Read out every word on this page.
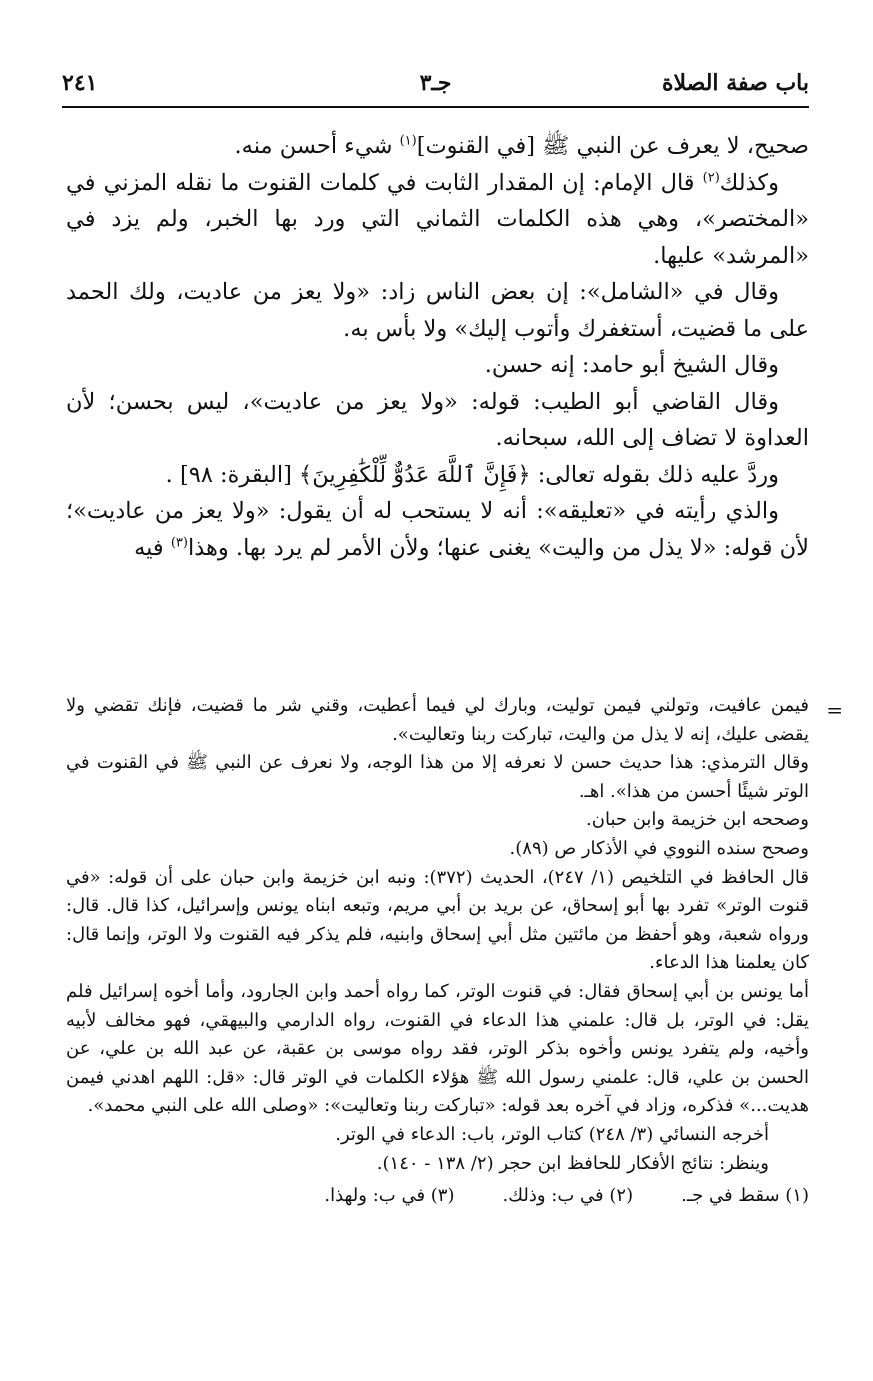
باب صفة الصلاة
جـ٣
٢٤١

صحيح، لا يعرف عن النبي ﷺ [في القنوت]$^{(١)}$ شيء أحسن منه.

وكذلك$^{(٢)}$ قال الإمام: إن المقدار الثابت في كلمات القنوت ما نقله المزني في «المختصر»، وهي هذه الكلمات الثماني التي ورد بها الخبر، ولم يزد في «المرشد» عليها.

وقال في «الشامل»: إن بعض الناس زاد: «ولا يعز من عاديت، ولك الحمد على ما قضيت، أستغفرك وأتوب إليك» ولا بأس به.

وقال الشيخ أبو حامد: إنه حسن.

وقال القاضي أبو الطيب: قوله: «ولا يعز من عاديت»، ليس بحسن؛ لأن العداوة لا تضاف إلى الله، سبحانه.

وردَّ عليه ذلك بقوله تعالى: ﴿فَإِنَّ ٱللَّهَ عَدُوٌّ لِّلْكَٰفِرِينَ﴾ [البقرة: ٩٨] .

والذي رأيته في «تعليقه»: أنه لا يستحب له أن يقول: «ولا يعز من عاديت»؛ لأن قوله: «لا يذل من واليت» يغنى عنها؛ ولأن الأمر لم يرد بها. وهذا$^{(٣)}$ فيه

=

فيمن عافيت، وتولني فيمن توليت، وبارك لي فيما أعطيت، وقني شر ما قضيت، فإنك تقضي ولا يقضى عليك، إنه لا يذل من واليت، تباركت ربنا وتعاليت».

وقال الترمذي: هذا حديث حسن لا نعرفه إلا من هذا الوجه، ولا نعرف عن النبي ﷺ في القنوت في الوتر شيئًا أحسن من هذا». اهـ.

وصححه ابن خزيمة وابن حبان.

وصحح سنده النووي في الأذكار ص (٨٩).

قال الحافظ في التلخيص (١/ ٢٤٧)، الحديث (٣٧٢): ونبه ابن خزيمة وابن حبان على أن قوله: «في قنوت الوتر» تفرد بها أبو إسحاق، عن بريد بن أبي مريم، وتبعه ابناه يونس وإسرائيل، كذا قال. قال: ورواه شعبة، وهو أحفظ من مائتين مثل أبي إسحاق وابنيه، فلم يذكر فيه القنوت ولا الوتر، وإنما قال: كان يعلمنا هذا الدعاء.

أما يونس بن أبي إسحاق فقال: في قنوت الوتر، كما رواه أحمد وابن الجارود، وأما أخوه إسرائيل فلم يقل: في الوتر، بل قال: علمني هذا الدعاء في القنوت، رواه الدارمي والبيهقي، فهو مخالف لأبيه وأخيه، ولم يتفرد يونس وأخوه بذكر الوتر، فقد رواه موسى بن عقبة، عن عبد الله بن علي، عن الحسن بن علي، قال: علمني رسول الله ﷺ هؤلاء الكلمات في الوتر قال: «قل: اللهم اهدني فيمن هديت...» فذكره، وزاد في آخره بعد قوله: «تباركت ربنا وتعاليت»: «وصلى الله على النبي محمد».

أخرجه النسائي (٣/ ٢٤٨) كتاب الوتر، باب: الدعاء في الوتر.

وينظر: نتائج الأفكار للحافظ ابن حجر (٢/ ١٣٨ - ١٤٠).

(١) سقط في جـ.
(٢) في ب: وذلك.
(٣) في ب: ولهذا.
